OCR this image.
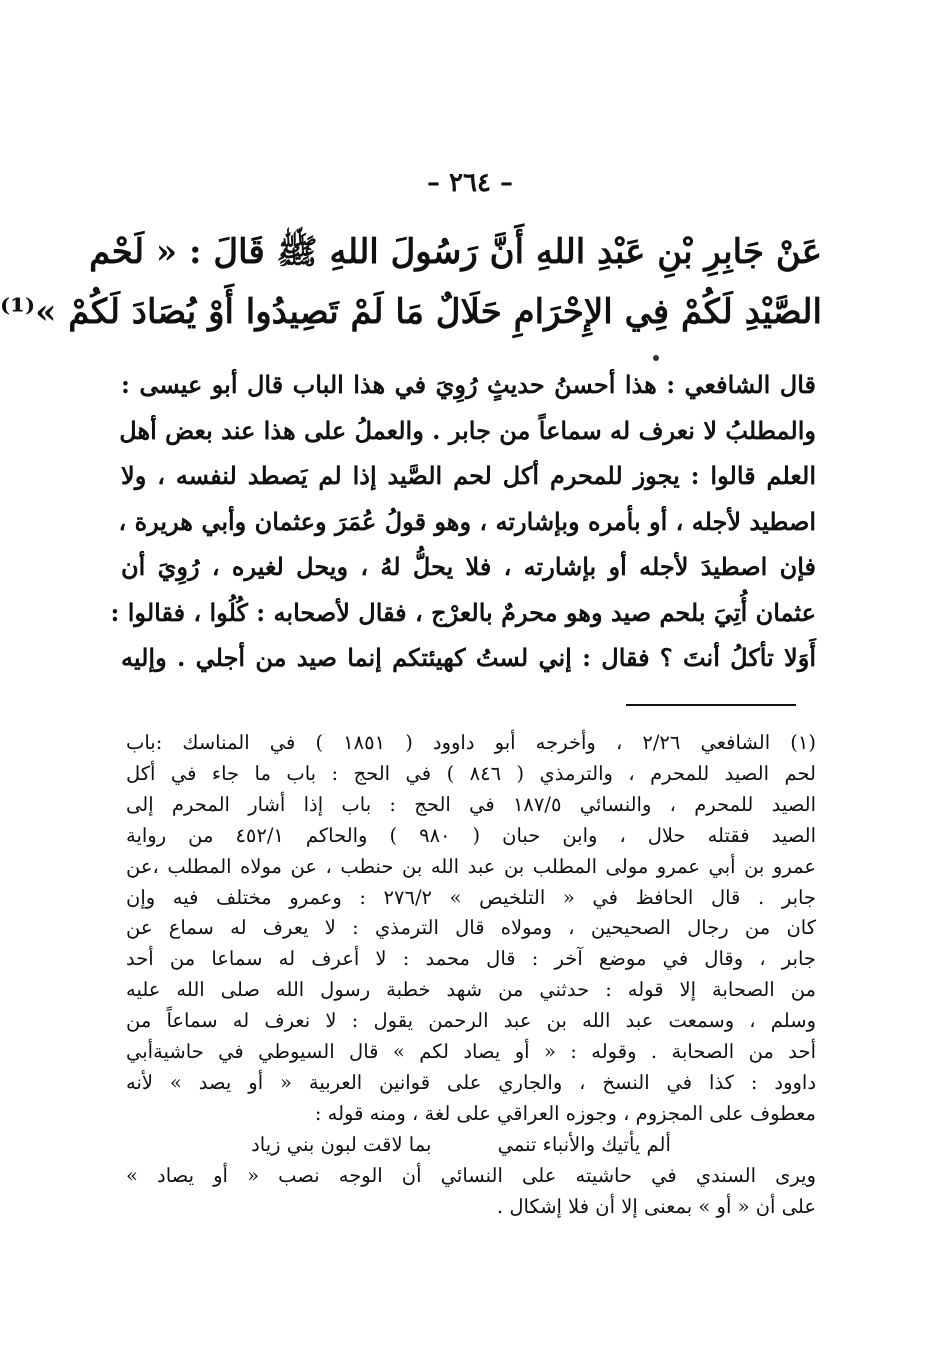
– ٢٦٤ –
عَنْ جَابِرِ بْنِ عَبْدِ اللهِ أَنَّ رَسُولَ اللهِ ﷺ قَالَ : « لَحْم
الصَّيْدِ لَكُمْ فِي الإِحْرَامِ حَلَالٌ مَا لَمْ تَصِيدُوا أَوْ يُصَادَ لَكُمْ »⁽¹⁾
قال الشافعي : هذا أحسنُ حديثٍ رُوِيَ في هذا الباب قال أبو عيسى :
والمطلبُ لا نعرف له سماعاً من جابر . والعملُ على هذا عند بعض أهل
العلم قالوا : يجوز للمحرم أكل لحم الصَّيد إذا لم يَصطد لنفسه ، ولا
اصطيد لأجله ، أو بأمره وبإشارته ، وهو قولُ عُمَرَ وعثمان وأبي هريرة ،
فإن اصطيدَ لأجله أو بإشارته ، فلا يحلُّ لهُ ، ويحل لغيره ، رُوِيَ أن
عثمان أُتِيَ بلحم صيد وهو محرمٌ بالعرْج ، فقال لأصحابه : كُلُوا ، فقالوا :
أَوَلا تأكلُ أنتَ ؟ فقال : إني لستُ كهيئتكم إنما صيد من أجلي . وإليه
(١) الشافعي ٢/٢٦ ، وأخرجه أبو داوود ( ١٨٥١ ) في المناسك :باب
لحم الصيد للمحرم ، والترمذي ( ٨٤٦ ) في الحج : باب ما جاء في أكل
الصيد للمحرم ، والنسائي ١٨٧/٥ في الحج : باب إذا أشار المحرم إلى
الصيد فقتله حلال ، وابن حبان ( ٩٨٠ ) والحاكم ٤٥٢/١ من رواية
عمرو بن أبي عمرو مولى المطلب بن عبد الله بن حنطب ، عن مولاه المطلب ،عن
جابر . قال الحافظ في « التلخيص » ٢٧٦/٢ : وعمرو مختلف فيه وإن
كان من رجال الصحيحين ، ومولاه قال الترمذي : لا يعرف له سماع عن
جابر ، وقال في موضع آخر : قال محمد : لا أعرف له سماعا من أحد
من الصحابة إلا قوله : حدثني من شهد خطبة رسول الله صلى الله عليه
وسلم ، وسمعت عبد الله بن عبد الرحمن يقول : لا نعرف له سماعاً من
أحد من الصحابة . وقوله : « أو يصاد لكم » قال السيوطي في حاشيةأبي
داوود : كذا في النسخ ، والجاري على قوانين العربية « أو يصد » لأنه
معطوف على المجزوم ، وجوزه العراقي على لغة ، ومنه قوله :
ألم يأتيك والأنباء تنمي بما لاقت لبون بني زياد
ويرى السندي في حاشيته على النسائي أن الوجه نصب « أو يصاد »
على أن « أو » بمعنى إلا أن فلا إشكال .
